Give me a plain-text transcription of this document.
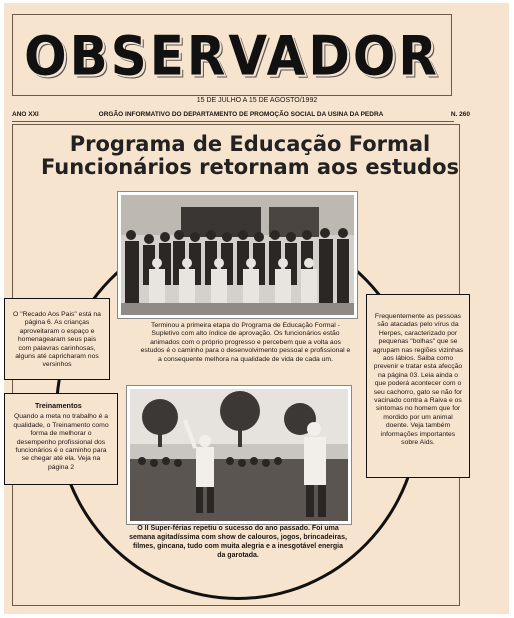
OBSERVADOR
15 DE JULHO A 15 DE AGOSTO/1992
ANO XXI	ORGÃO INFORMATIVO DO DEPARTAMENTO DE PROMOÇÃO SOCIAL DA USINA DA PEDRA	N. 260
Programa de Educação Formal
Funcionários retornam aos estudos
Terminou a primeira etapa do Programa de Educação Formal - Supletivo com alto índice de aprovação. Os funcionários estão animados com o próprio progresso e percebem que a volta aos estudos é o caminho para o desenvolvimento pessoal e profissional e a consequente melhora na qualidade de vida de cada um.
O II Super-férias repetiu o sucesso do ano passado. Foi uma semana agitadíssima com show de calouros, jogos, brincadeiras, filmes, gincana, tudo com muita alegria e a inesgotável energia da garotada.
O "Recado Aos Pais" está na página 6. As crianças aproveitaram o espaço e homenagearam seus pais com palavras carinhosas, alguns até capricharam nos versinhos
Treinamentos
Quando a meta no trabalho é a qualidade, o Treinamento como forma de melhorar o desempenho profissional dos funcionários é o caminho para se chegar até ela. Veja na página 2
Frequentemente as pessoas são atacadas pelo vírus da Herpes, caracterizado por pequenas "bolhas" que se agrupam nas regiões vizinhas aos lábios. Saiba como prevenir e tratar esta afecção na página 03. Leia ainda o que poderá acontecer com o seu cachorro, gato se não for vacinado contra a Raiva e os sintomas no homem que for mordido por um animal doente. Veja também informações importantes sobre Aids.
